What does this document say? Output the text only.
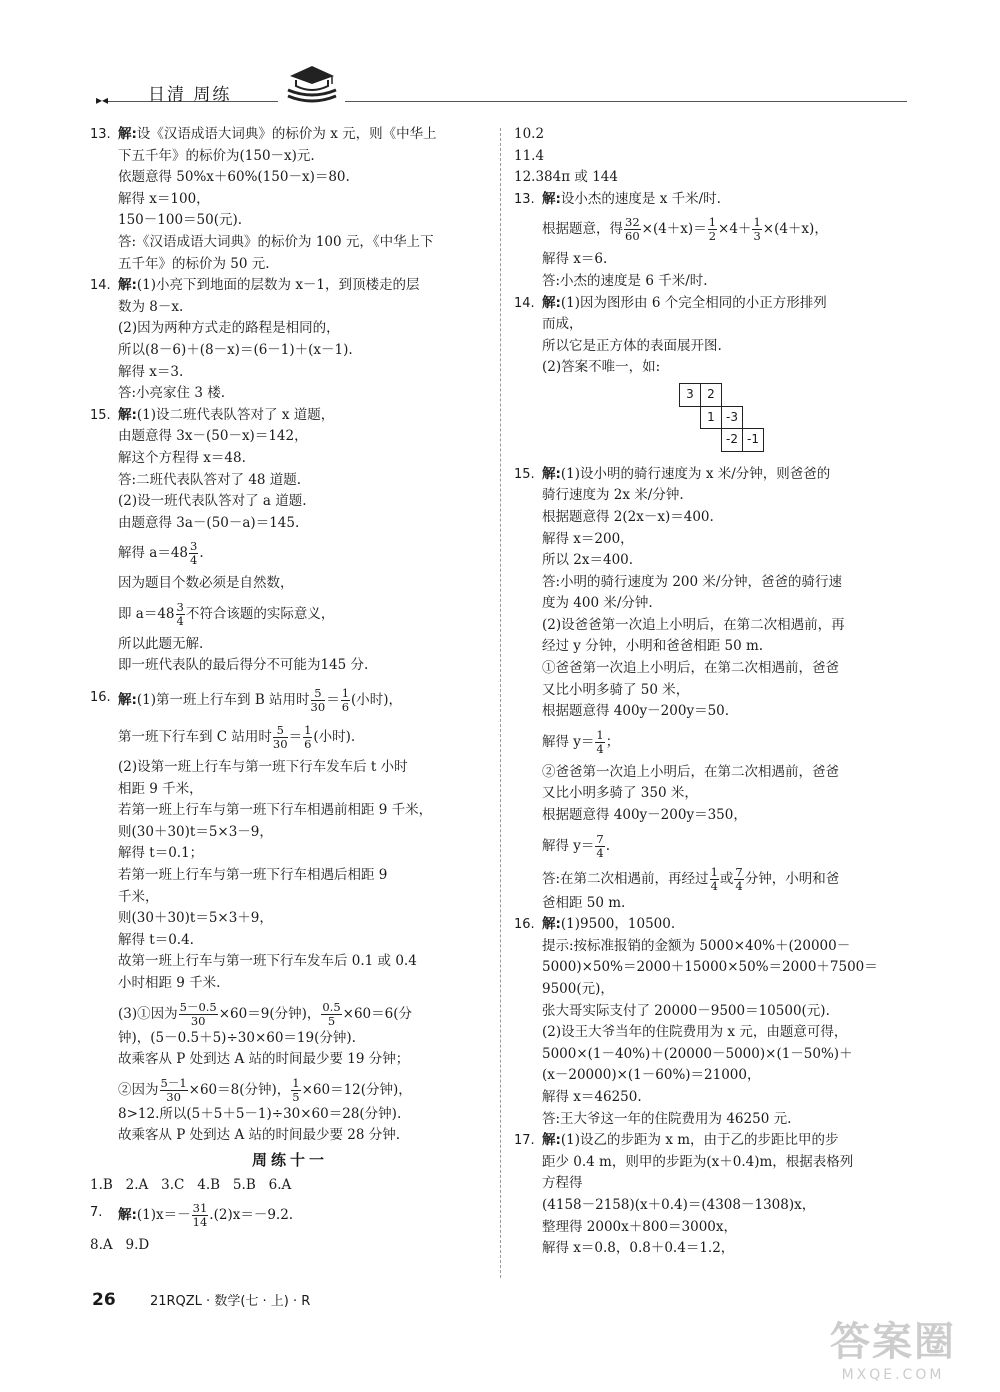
▸◂ 日清 周练
13. 解:设《汉语成语大词典》的标价为 x 元，则《中华上
下五千年》的标价为(150－x)元.
依题意得 50%x＋60%(150－x)＝80.
解得 x＝100，
150－100＝50(元).
答:《汉语成语大词典》的标价为 100 元，《中华上下
五千年》的标价为 50 元.
14. 解:(1)小亮下到地面的层数为 x－1，到顶楼走的层
数为 8－x.
(2)因为两种方式走的路程是相同的，
所以(8－6)＋(8－x)＝(6－1)＋(x－1).
解得 x＝3.
答:小亮家住 3 楼.
15. 解:(1)设二班代表队答对了 x 道题，
由题意得 3x－(50－x)＝142，
解这个方程得 x＝48.
答:二班代表队答对了 48 道题.
(2)设一班代表队答对了 a 道题.
由题意得 3a－(50－a)＝145.
解得 $a=48 \frac{3}{4}$ .
因为题目个数必须是自然数，
即 $a=48 \frac{3}{4}$ 不符合该题的实际意义，
所以此题无解.
即一班代表队的最后得分不可能为145 分.
16. 解:(1)第一班上行车到 B 站用时 $\frac{5}{30} = \frac{1}{6}$ (小时)，
第一班下行车到 C 站用时 $\frac{5}{30} = \frac{1}{6}$ (小时).
(2)设第一班上行车与第一班下行车发车后 t 小时
相距 9 千米，
若第一班上行车与第一班下行车相遇前相距 9 千米，
则(30＋30)t＝5×3－9，
解得 t＝0.1；
若第一班上行车与第一班下行车相遇后相距 9
千米，
则(30＋30)t＝5×3＋9，
解得 t＝0.4.
故第一班上行车与第一班下行车发车后 0.1 或 0.4
小时相距 9 千米.
(3)①因为 $\frac{5-0.5}{30} \times 60=9$(分钟)， $\frac{0.5}{5} \times 60=6$(分
钟)，(5－0.5＋5)÷30×60＝19(分钟).
故乘客从 P 处到达 A 站的时间最少要 19 分钟；
②因为 $\frac{5-1}{30} \times 60=8$(分钟)， $\frac{1}{5} \times 60=12$(分钟)，
8>12.所以(5＋5＋5－1)÷30×60＝28(分钟).
故乘客从 P 处到达 A 站的时间最少要 28 分钟.
周练十一
1.B   2.A   3.C   4.B   5.B   6.A
7.	解:(1)x＝－ $\frac{31}{14} .(2)x=-9.2$.
8.A   9.D
10.2
11.4
12.384π 或 144
13. 解:设小杰的速度是 x 千米/时.
根据题意，得 $\frac{32}{60} \times(4+x)= \frac{1}{2} \times 4+ \frac{1}{3} \times(4+x)$，
解得 x＝6.
答:小杰的速度是 6 千米/时.
14. 解:(1)因为图形由 6 个完全相同的小正方形排列
而成，
所以它是正方体的表面展开图.
(2)答案不唯一，如:
3	2		
	1	-3	
		-2	-1
15. 解:(1)设小明的骑行速度为 x 米/分钟，则爸爸的
骑行速度为 2x 米/分钟.
根据题意得 2(2x－x)＝400.
解得 x＝200，
所以 2x＝400.
答:小明的骑行速度为 200 米/分钟，爸爸的骑行速
度为 400 米/分钟.
(2)设爸爸第一次追上小明后，在第二次相遇前，再
经过 y 分钟，小明和爸爸相距 50 m.
①爸爸第一次追上小明后，在第二次相遇前，爸爸
又比小明多骑了 50 米，
根据题意得 400y－200y＝50.
解得 $y= \frac{1}{4}$ ；
②爸爸第一次追上小明后，在第二次相遇前，爸爸
又比小明多骑了 350 米，
根据题意得 400y－200y＝350，
解得 $y= \frac{7}{4}$ .
答:在第二次相遇前，再经过 $\frac{1}{4}$ 或 $\frac{7}{4}$ 分钟，小明和爸
爸相距 50 m.
16. 解:(1)9500，10500.
提示:按标准报销的金额为 5000×40%＋(20000－
5000)×50%＝2000＋15000×50%＝2000＋7500＝
9500(元)，
张大哥实际支付了 20000－9500＝10500(元).
(2)设王大爷当年的住院费用为 x 元，由题意可得，
5000×(1－40%)＋(20000－5000)×(1－50%)＋
(x－20000)×(1－60%)＝21000，
解得 x＝46250.
答:王大爷这一年的住院费用为 46250 元.
17. 解:(1)设乙的步距为 x m，由于乙的步距比甲的步
距少 0.4 m，则甲的步距为(x＋0.4)m，根据表格列
方程得
(4158－2158)(x＋0.4)＝(4308－1308)x，
整理得 2000x＋800＝3000x，
解得 x＝0.8，0.8＋0.4＝1.2，
26	21RQZL · 数学(七 · 上) · R
答案圈
MXQE.COM
